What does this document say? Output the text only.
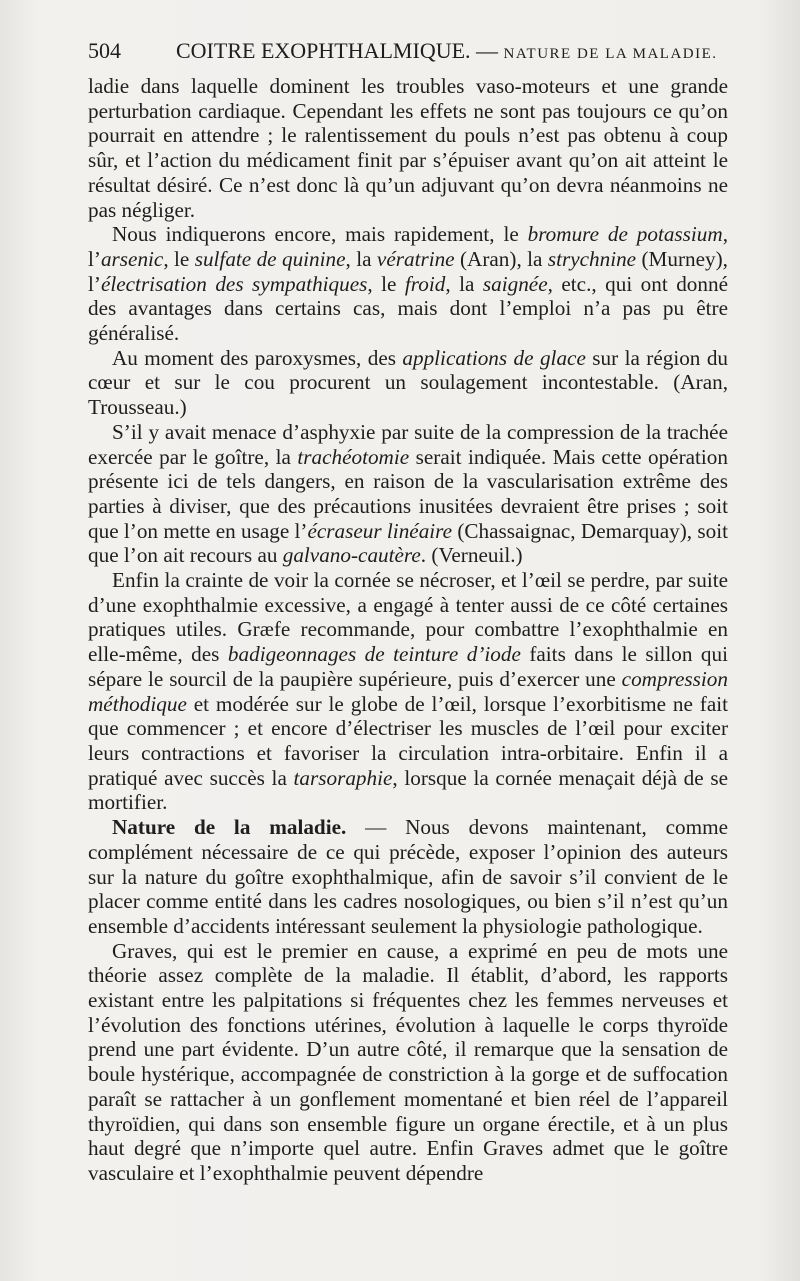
504	COITRE EXOPHTHALMIQUE. — NATURE DE LA MALADIE.

ladie dans laquelle dominent les troubles vaso-moteurs et une grande perturbation cardiaque. Cependant les effets ne sont pas toujours ce qu’on pourrait en attendre ; le ralentissement du pouls n’est pas obtenu à coup sûr, et l’action du médicament finit par s’épuiser avant qu’on ait atteint le résultat désiré. Ce n’est donc là qu’un adjuvant qu’on devra néanmoins ne pas négliger.

Nous indiquerons encore, mais rapidement, le bromure de potassium, l’arsenic, le sulfate de quinine, la vératrine (Aran), la strychnine (Murney), l’électrisation des sympathiques, le froid, la saignée, etc., qui ont donné des avantages dans certains cas, mais dont l’emploi n’a pas pu être généralisé.

Au moment des paroxysmes, des applications de glace sur la région du cœur et sur le cou procurent un soulagement incontestable. (Aran, Trousseau.)

S’il y avait menace d’asphyxie par suite de la compression de la trachée exercée par le goître, la trachéotomie serait indiquée. Mais cette opération présente ici de tels dangers, en raison de la vascularisation extrême des parties à diviser, que des précautions inusitées devraient être prises ; soit que l’on mette en usage l’écraseur linéaire (Chassaignac, Demarquay), soit que l’on ait recours au galvano-cautère. (Verneuil.)

Enfin la crainte de voir la cornée se nécroser, et l’œil se perdre, par suite d’une exophthalmie excessive, a engagé à tenter aussi de ce côté certaines pratiques utiles. Græfe recommande, pour combattre l’exophthalmie en elle-même, des badigeonnages de teinture d’iode faits dans le sillon qui sépare le sourcil de la paupière supérieure, puis d’exercer une compression méthodique et modérée sur le globe de l’œil, lorsque l’exorbitisme ne fait que commencer ; et encore d’électriser les muscles de l’œil pour exciter leurs contractions et favoriser la circulation intra-orbitaire. Enfin il a pratiqué avec succès la tarsoraphie, lorsque la cornée menaçait déjà de se mortifier.

Nature de la maladie. — Nous devons maintenant, comme complément nécessaire de ce qui précède, exposer l’opinion des auteurs sur la nature du goître exophthalmique, afin de savoir s’il convient de le placer comme entité dans les cadres nosologiques, ou bien s’il n’est qu’un ensemble d’accidents intéressant seulement la physiologie pathologique.

Graves, qui est le premier en cause, a exprimé en peu de mots une théorie assez complète de la maladie. Il établit, d’abord, les rapports existant entre les palpitations si fréquentes chez les femmes nerveuses et l’évolution des fonctions utérines, évolution à laquelle le corps thyroïde prend une part évidente. D’un autre côté, il remarque que la sensation de boule hystérique, accompagnée de constriction à la gorge et de suffocation paraît se rattacher à un gonflement momentané et bien réel de l’appareil thyroïdien, qui dans son ensemble figure un organe érectile, et à un plus haut degré que n’importe quel autre. Enfin Graves admet que le goître vasculaire et l’exophthalmie peuvent dépendre
